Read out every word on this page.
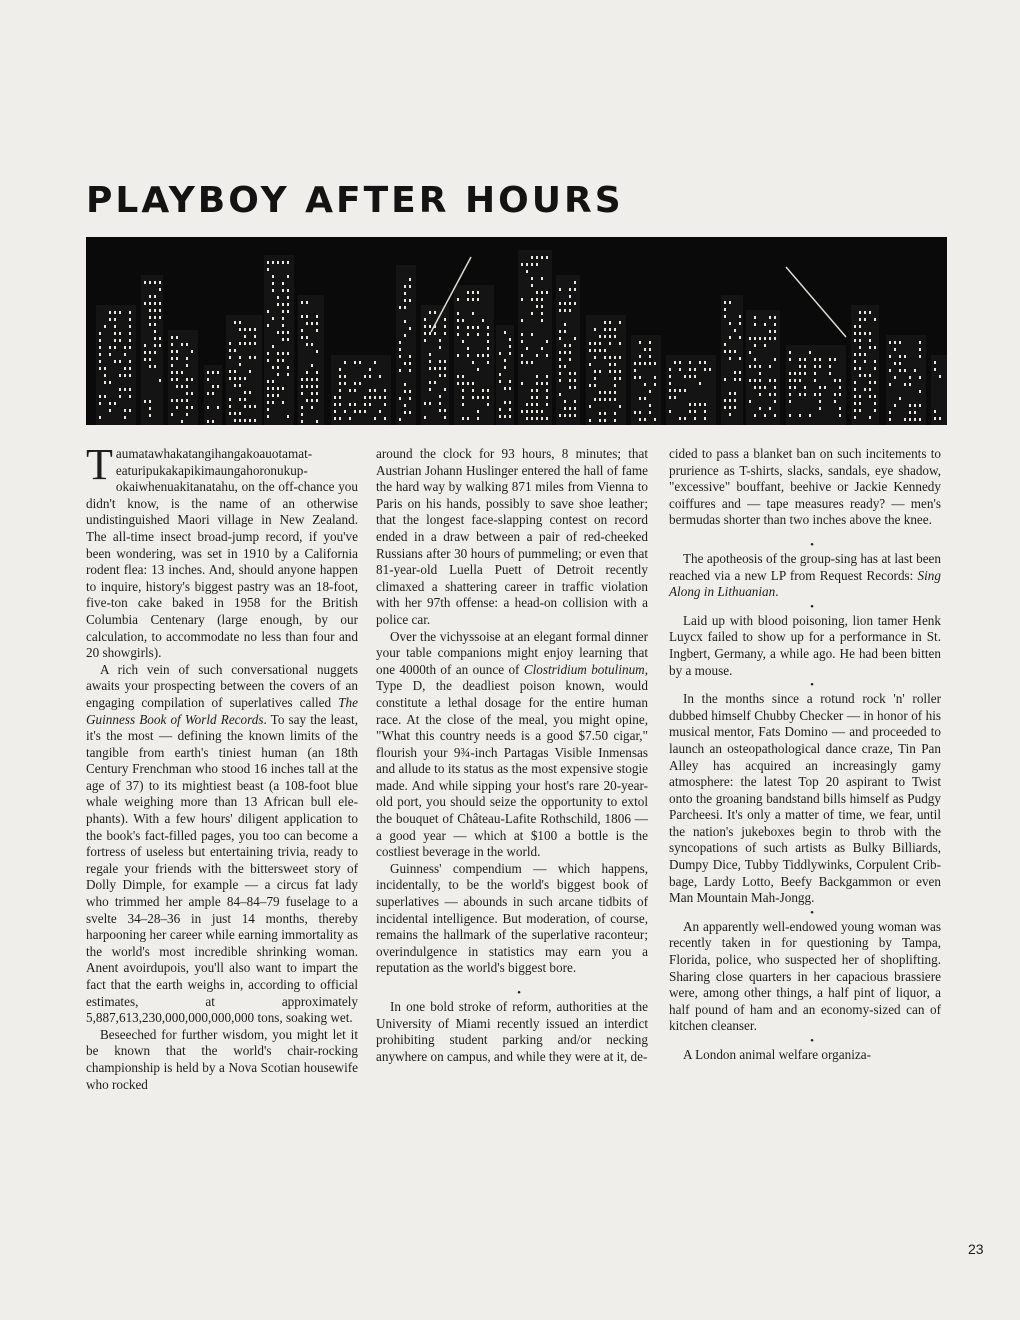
PLAYBOY AFTER HOURS

Taumatawhakatangihangakoauotamateaturipukakapikimaungahoronukupokaiwhenuakitanatahu, on the off-chance you didn't know, is the name of an otherwise undistinguished Maori village in New Zealand. The all-time insect broad-jump record, if you've been wondering, was set in 1910 by a California rodent flea: 13 inches. And, should anyone happen to inquire, history's biggest pastry was an 18-foot, five-ton cake baked in 1958 for the British Columbia Centenary (large enough, by our calculation, to accommodate no less than four and 20 showgirls).

A rich vein of such conversational nuggets awaits your prospecting between the covers of an engaging compilation of superlatives called The Guinness Book of World Records. To say the least, it's the most — defining the known limits of the tangible from earth's tiniest human (an 18th Century Frenchman who stood 16 inches tall at the age of 37) to its mightiest beast (a 108-foot blue whale weighing more than 13 African bull elephants). With a few hours' diligent application to the book's fact-filled pages, you too can become a fortress of useless but entertaining trivia, ready to regale your friends with the bittersweet story of Dolly Dimple, for example — a circus fat lady who trimmed her ample 84–84–79 fuselage to a svelte 34–28–36 in just 14 months, thereby harpooning her career while earning immortality as the world's most incredible shrinking woman. Anent avoirdupois, you'll also want to impart the fact that the earth weighs in, according to official estimates, at approximately 5,887,613,230,000,000,000,000 tons, soaking wet.

Beseeched for further wisdom, you might let it be known that the world's chair-rocking championship is held by a Nova Scotian housewife who rocked

around the clock for 93 hours, 8 minutes; that Austrian Johann Huslinger entered the hall of fame the hard way by walking 871 miles from Vienna to Paris on his hands, possibly to save shoe leather; that the longest face-slapping contest on record ended in a draw between a pair of red-cheeked Russians after 30 hours of pummeling; or even that 81-year-old Luella Puett of Detroit recently climaxed a shattering career in traffic violation with her 97th offense: a head-on collision with a police car.

Over the vichyssoise at an elegant formal dinner your table companions might enjoy learning that one 4000th of an ounce of Clostridium botulinum, Type D, the deadliest poison known, would constitute a lethal dosage for the entire human race. At the close of the meal, you might opine, "What this country needs is a good $7.50 cigar," flourish your 9¾-inch Partagas Visible Inmensas and allude to its status as the most expensive stogie made. And while sipping your host's rare 20-year-old port, you should seize the opportunity to extol the bouquet of Château-Lafite Rothschild, 1806 — a good year — which at $100 a bottle is the costliest beverage in the world.

Guinness' compendium — which happens, incidentally, to be the world's biggest book of superlatives — abounds in such arcane tidbits of incidental intelligence. But moderation, of course, remains the hallmark of the superlative raconteur; overindulgence in statistics may earn you a reputation as the world's biggest bore.

•

In one bold stroke of reform, authorities at the University of Miami recently issued an interdict prohibiting student parking and/or necking anywhere on campus, and while they were at it, de-

cided to pass a blanket ban on such incitements to prurience as T-shirts, slacks, sandals, eye shadow, "excessive" bouffant, beehive or Jackie Kennedy coiffures and — tape measures ready? — men's bermudas shorter than two inches above the knee.

•

The apotheosis of the group-sing has at last been reached via a new LP from Request Records: Sing Along in Lithuanian.

•

Laid up with blood poisoning, lion tamer Henk Luycx failed to show up for a performance in St. Ingbert, Germany, a while ago. He had been bitten by a mouse.

•

In the months since a rotund rock 'n' roller dubbed himself Chubby Checker — in honor of his musical mentor, Fats Domino — and proceeded to launch an osteopathological dance craze, Tin Pan Alley has acquired an increasingly gamy atmosphere: the latest Top 20 aspirant to Twist onto the groaning bandstand bills himself as Pudgy Parcheesi. It's only a matter of time, we fear, until the nation's jukeboxes begin to throb with the syncopations of such artists as Bulky Billiards, Dumpy Dice, Tubby Tiddlywinks, Corpulent Cribbage, Lardy Lotto, Beefy Backgammon or even Man Mountain Mah-Jongg.

•

An apparently well-endowed young woman was recently taken in for questioning by Tampa, Florida, police, who suspected her of shoplifting. Sharing close quarters in her capacious brassiere were, among other things, a half pint of liquor, a half pound of ham and an economy-sized can of kitchen cleanser.

•

A London animal welfare organiza-

23
